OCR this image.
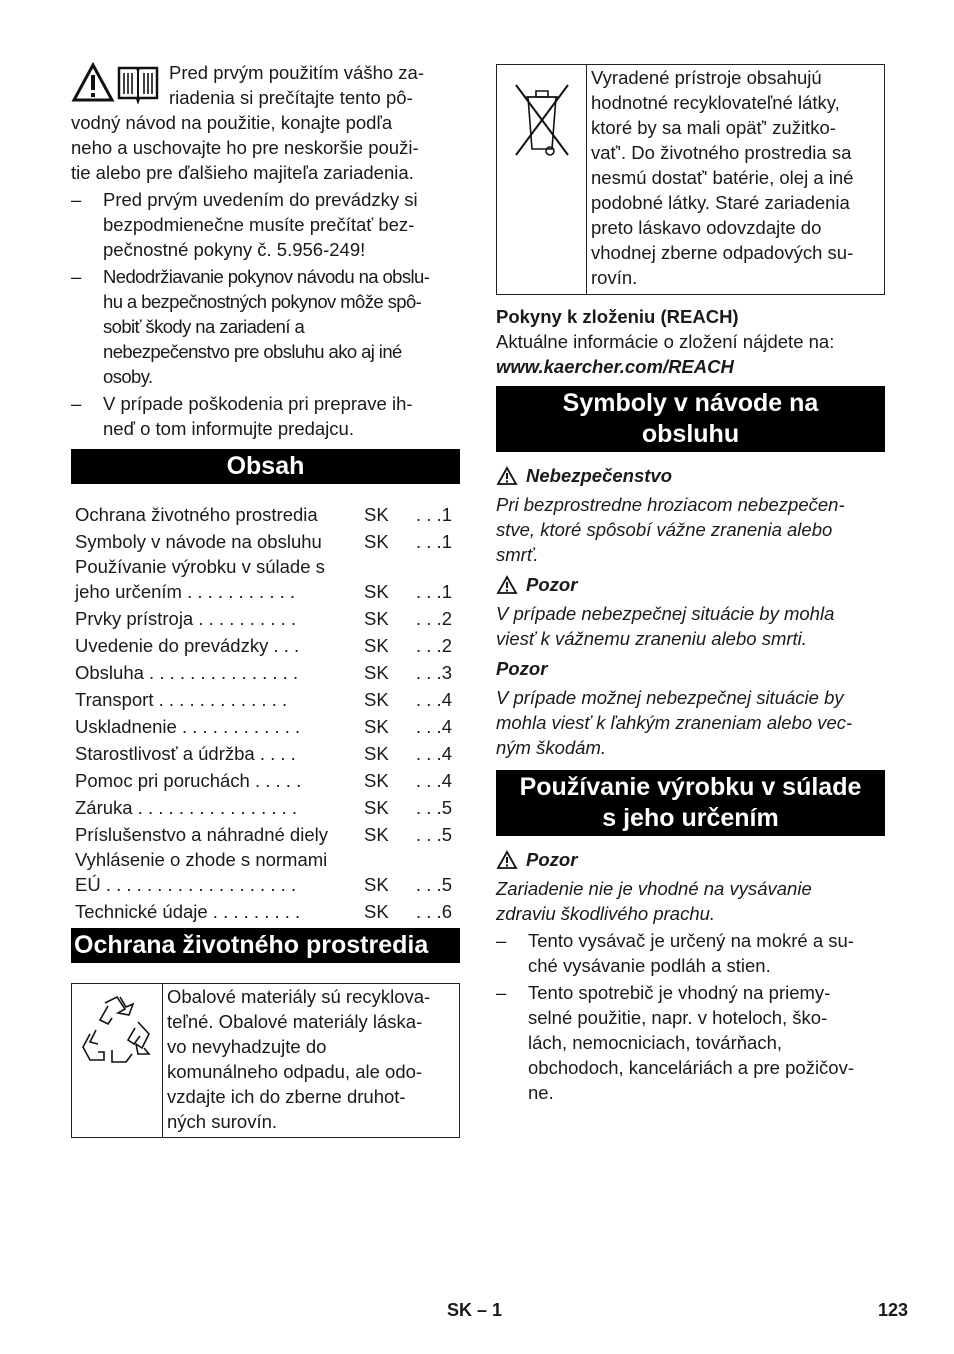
Pred prvým použitím vášho za-

riadenia si prečítajte tento pô-

vodný návod na použitie, konajte podľa

neho a uschovajte ho pre neskoršie použi-

tie alebo pre ďalšieho majiteľa zariadenia.

– Pred prvým uvedením do prevádzky si

bezpodmienečne musíte prečítať bez-

pečnostné pokyny č. 5.956-249!

– Nedodržiavanie pokynov návodu na obslu-

hu a bezpečnostných pokynov môže spô-

sobiť škody na zariadení a

nebezpečenstvo pre obsluhu ako aj iné

osoby.

– V prípade poškodenia pri preprave ih-

neď o tom informujte predajcu.

Obsah
Ochrana životného prostredia	SK	. . .1
Symboly v návode na obsluhu	SK	. . .1
Používanie výrobku v súlade s
jeho určením . . . . . . . . . . .	SK	. . .1
Prvky prístroja . . . . . . . . . .	SK	. . .2
Uvedenie do prevádzky . . .	SK	. . .2
Obsluha . . . . . . . . . . . . . . .	SK	. . .3
Transport . . . . . . . . . . . . .	SK	. . .4
Uskladnenie . . . . . . . . . . . .	SK	. . .4
Starostlivosť a údržba . . . .	SK	. . .4
Pomoc pri poruchách . . . . .	SK	. . .4
Záruka . . . . . . . . . . . . . . . .	SK	. . .5
Príslušenstvo a náhradné diely	SK	. . .5
Vyhlásenie o zhode s normami
EÚ . . . . . . . . . . . . . . . . . . .	SK	. . .5
Technické údaje . . . . . . . . .	SK	. . .6
Ochrana životného prostredia

Obalové materiály sú recyklova-

teľné. Obalové materiály láska-

vo nevyhadzujte do

komunálneho odpadu, ale odo-

vzdajte ich do zberne druhot-

ných surovín.

Vyradené prístroje obsahujú

hodnotné recyklovateľné látky,

ktoré by sa mali opäť' zužitko-

vať'. Do životného prostredia sa

nesmú dostať' batérie, olej a iné

podobné látky. Staré zariadenia

preto láskavo odovzdajte do

vhodnej zberne odpadových su-

rovín.

Pokyny k zloženiu (REACH)

Aktuálne informácie o zložení nájdete na:

www.kaercher.com/REACH

Symboly v návode na
obsluhu
Nebezpečenstvo

Pri bezprostredne hroziacom nebezpečen-

stve, ktoré spôsobí vážne zranenia alebo

smrť.

Pozor

V prípade nebezpečnej situácie by mohla

viesť k vážnemu zraneniu alebo smrti.

Pozor

V prípade možnej nebezpečnej situácie by

mohla viesť k ľahkým zraneniam alebo vec-

ným škodám.

Používanie výrobku v súlade
s jeho určením
Pozor

Zariadenie nie je vhodné na vysávanie

zdraviu škodlivého prachu.

– Tento vysávač je určený na mokré a su-

ché vysávanie podláh a stien.

– Tento spotrebič je vhodný na priemy-

selné použitie, napr. v hoteloch, ško-

lách, nemocniciach, továrňach,

obchodoch, kanceláriách a pre požičov-

ne.

SK – 1	123
